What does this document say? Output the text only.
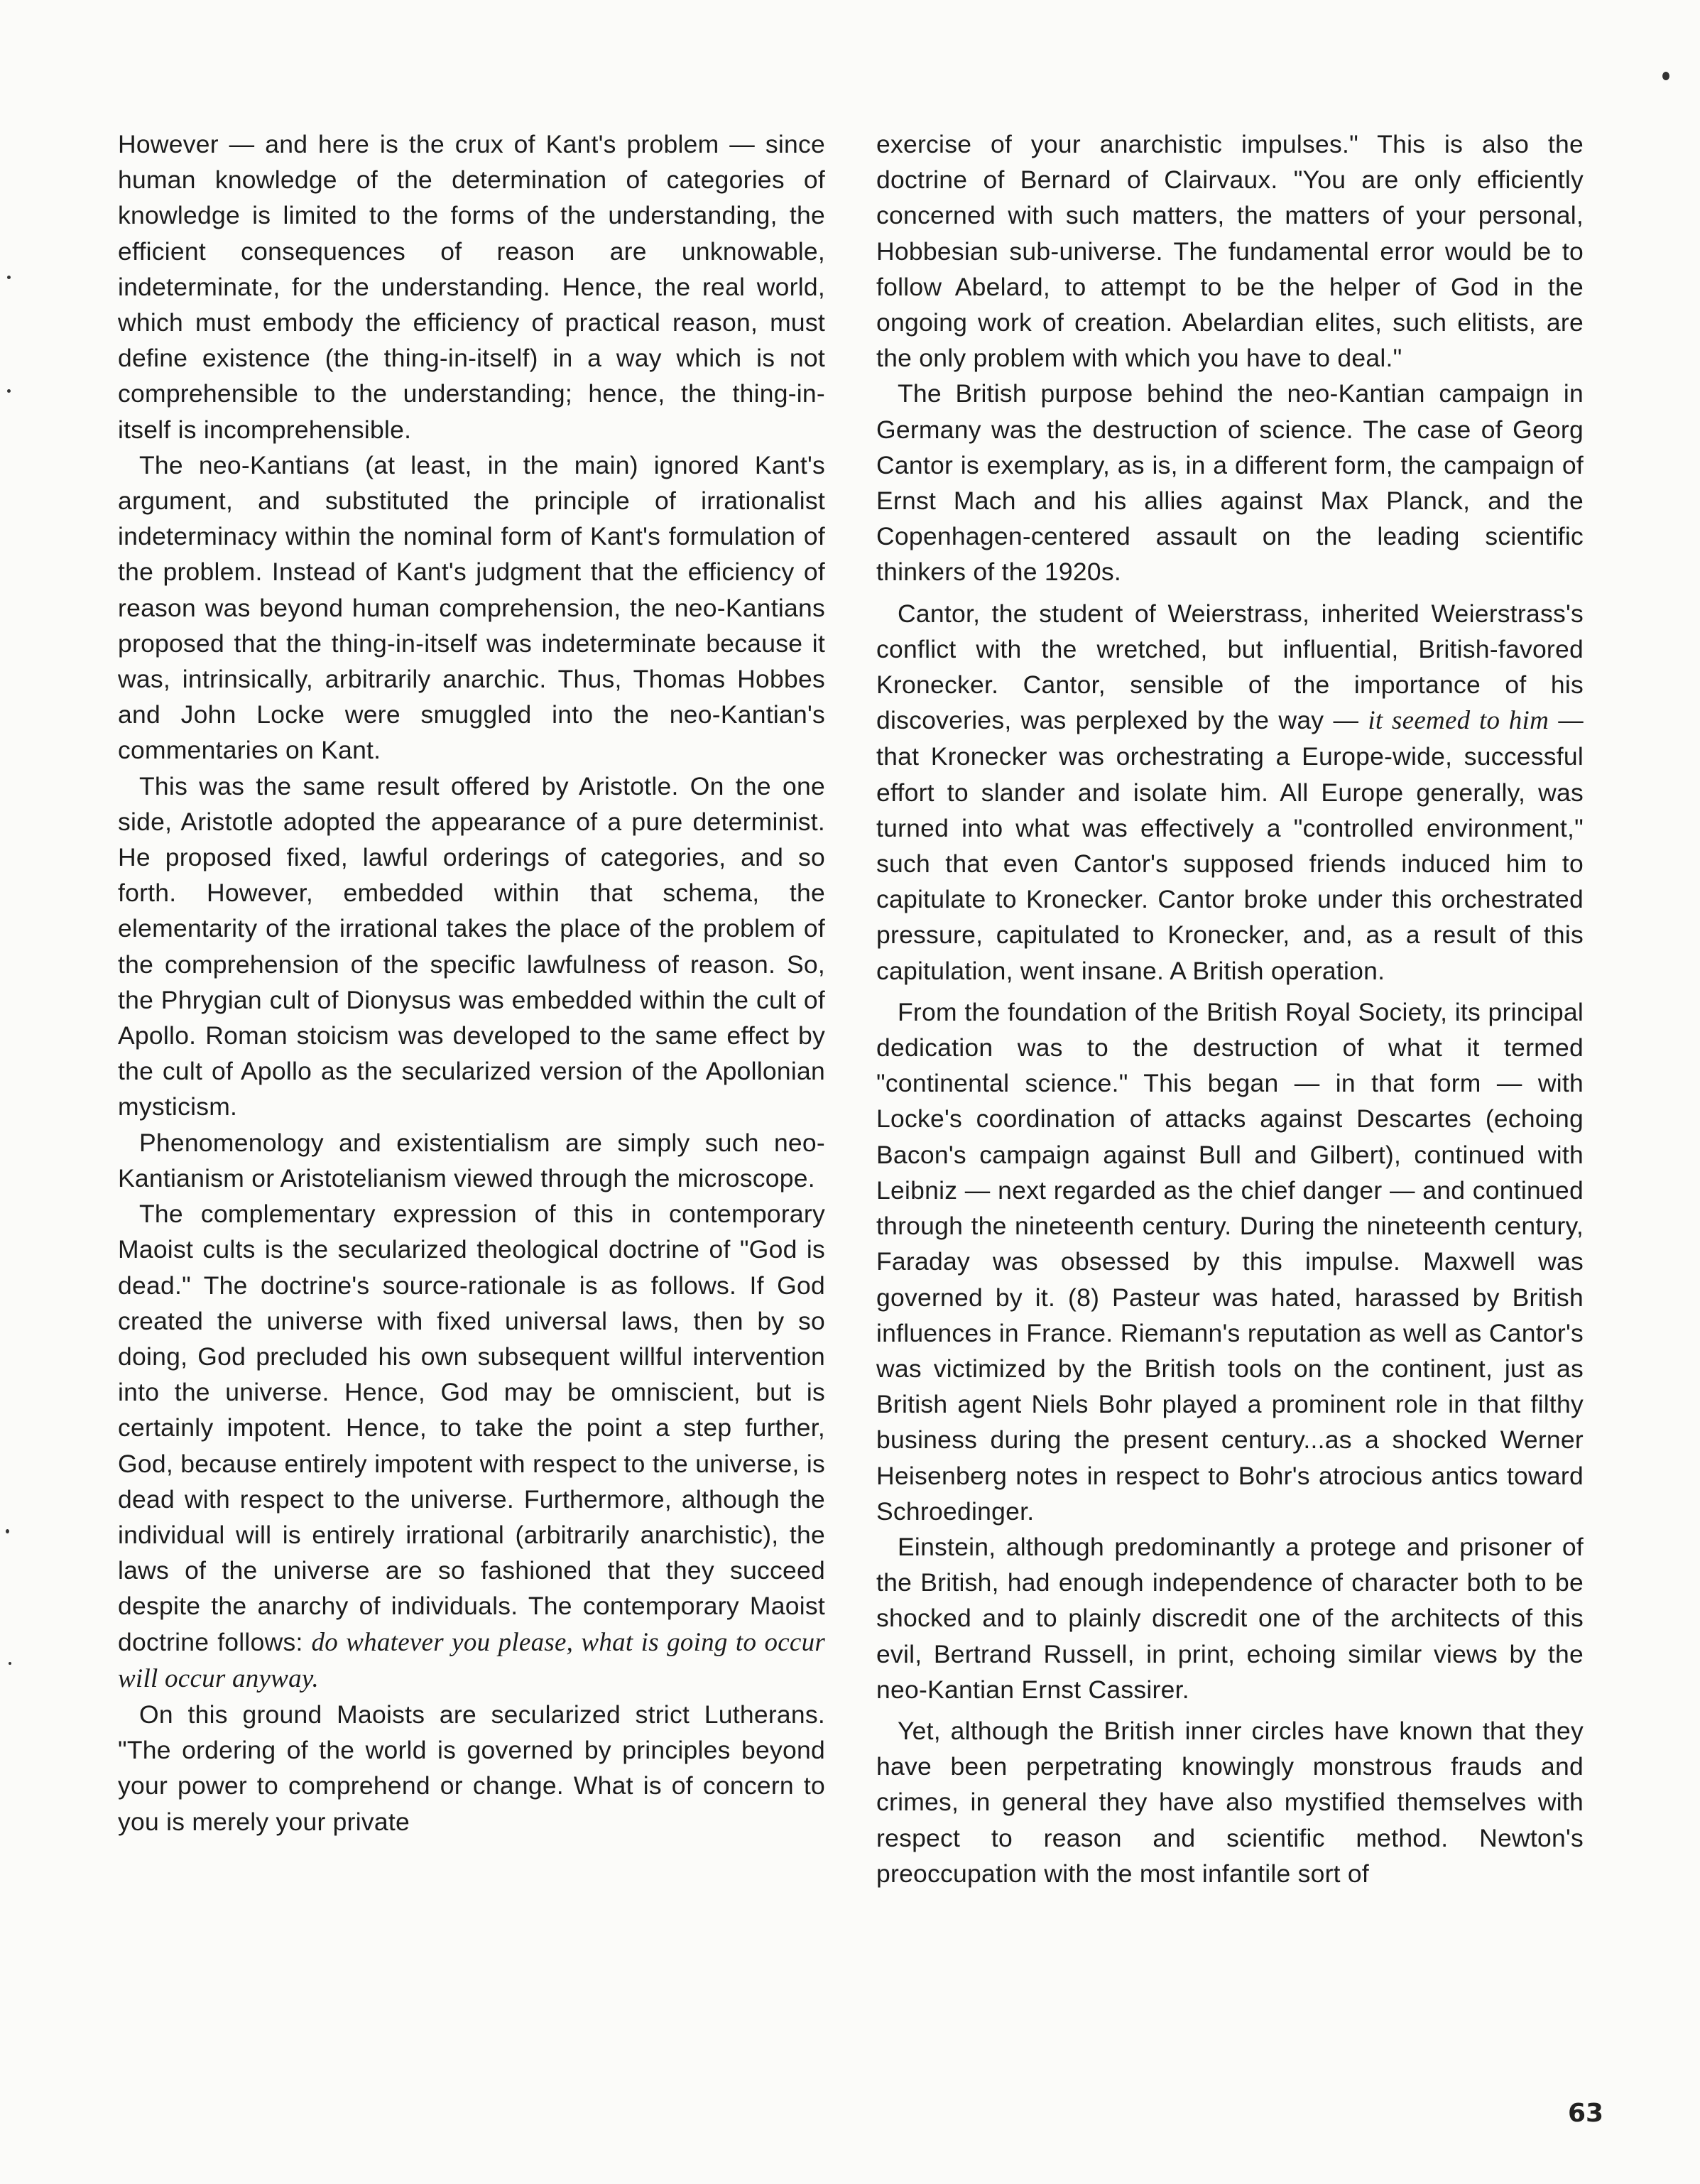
However — and here is the crux of Kant's problem — since human knowledge of the determination of categories of knowledge is limited to the forms of the understanding, the efficient consequences of reason are unknowable, indeterminate, for the understanding. Hence, the real world, which must embody the efficiency of practical reason, must define existence (the thing-in-itself) in a way which is not comprehensible to the understanding; hence, the thing-in-itself is incomprehensible.

The neo-Kantians (at least, in the main) ignored Kant's argument, and substituted the principle of irrationalist indeterminacy within the nominal form of Kant's formulation of the problem. Instead of Kant's judgment that the efficiency of reason was beyond human comprehension, the neo-Kantians proposed that the thing-in-itself was indeterminate because it was, intrinsically, arbitrarily anarchic. Thus, Thomas Hobbes and John Locke were smuggled into the neo-Kantian's commentaries on Kant.

This was the same result offered by Aristotle. On the one side, Aristotle adopted the appearance of a pure determinist. He proposed fixed, lawful orderings of categories, and so forth. However, embedded within that schema, the elementarity of the irrational takes the place of the problem of the comprehension of the specific lawfulness of reason. So, the Phrygian cult of Dionysus was embedded within the cult of Apollo. Roman stoicism was developed to the same effect by the cult of Apollo as the secularized version of the Apollonian mysticism.

Phenomenology and existentialism are simply such neo-Kantianism or Aristotelianism viewed through the microscope.

The complementary expression of this in contemporary Maoist cults is the secularized theological doctrine of "God is dead." The doctrine's source-rationale is as follows. If God created the universe with fixed universal laws, then by so doing, God precluded his own subsequent willful intervention into the universe. Hence, God may be omniscient, but is certainly impotent. Hence, to take the point a step further, God, because entirely impotent with respect to the universe, is dead with respect to the universe. Furthermore, although the individual will is entirely irrational (arbitrarily anarchistic), the laws of the universe are so fashioned that they succeed despite the anarchy of individuals. The contemporary Maoist doctrine follows: do whatever you please, what is going to occur will occur anyway.

On this ground Maoists are secularized strict Lutherans. "The ordering of the world is governed by principles beyond your power to comprehend or change. What is of concern to you is merely your private

exercise of your anarchistic impulses." This is also the doctrine of Bernard of Clairvaux. "You are only efficiently concerned with such matters, the matters of your personal, Hobbesian sub-universe. The fundamental error would be to follow Abelard, to attempt to be the helper of God in the ongoing work of creation. Abelardian elites, such elitists, are the only problem with which you have to deal."

The British purpose behind the neo-Kantian campaign in Germany was the destruction of science. The case of Georg Cantor is exemplary, as is, in a different form, the campaign of Ernst Mach and his allies against Max Planck, and the Copenhagen-centered assault on the leading scientific thinkers of the 1920s.

Cantor, the student of Weierstrass, inherited Weierstrass's conflict with the wretched, but influential, British-favored Kronecker. Cantor, sensible of the importance of his discoveries, was perplexed by the way — it seemed to him — that Kronecker was orchestrating a Europe-wide, successful effort to slander and isolate him. All Europe generally, was turned into what was effectively a "controlled environment," such that even Cantor's supposed friends induced him to capitulate to Kronecker. Cantor broke under this orchestrated pressure, capitulated to Kronecker, and, as a result of this capitulation, went insane. A British operation.

From the foundation of the British Royal Society, its principal dedication was to the destruction of what it termed "continental science." This began — in that form — with Locke's coordination of attacks against Descartes (echoing Bacon's campaign against Bull and Gilbert), continued with Leibniz — next regarded as the chief danger — and continued through the nineteenth century. During the nineteenth century, Faraday was obsessed by this impulse. Maxwell was governed by it. (8) Pasteur was hated, harassed by British influences in France. Riemann's reputation as well as Cantor's was victimized by the British tools on the continent, just as British agent Niels Bohr played a prominent role in that filthy business during the present century...as a shocked Werner Heisenberg notes in respect to Bohr's atrocious antics toward Schroedinger.

Einstein, although predominantly a protege and prisoner of the British, had enough independence of character both to be shocked and to plainly discredit one of the architects of this evil, Bertrand Russell, in print, echoing similar views by the neo-Kantian Ernst Cassirer.

Yet, although the British inner circles have known that they have been perpetrating knowingly monstrous frauds and crimes, in general they have also mystified themselves with respect to reason and scientific method. Newton's preoccupation with the most infantile sort of

63
